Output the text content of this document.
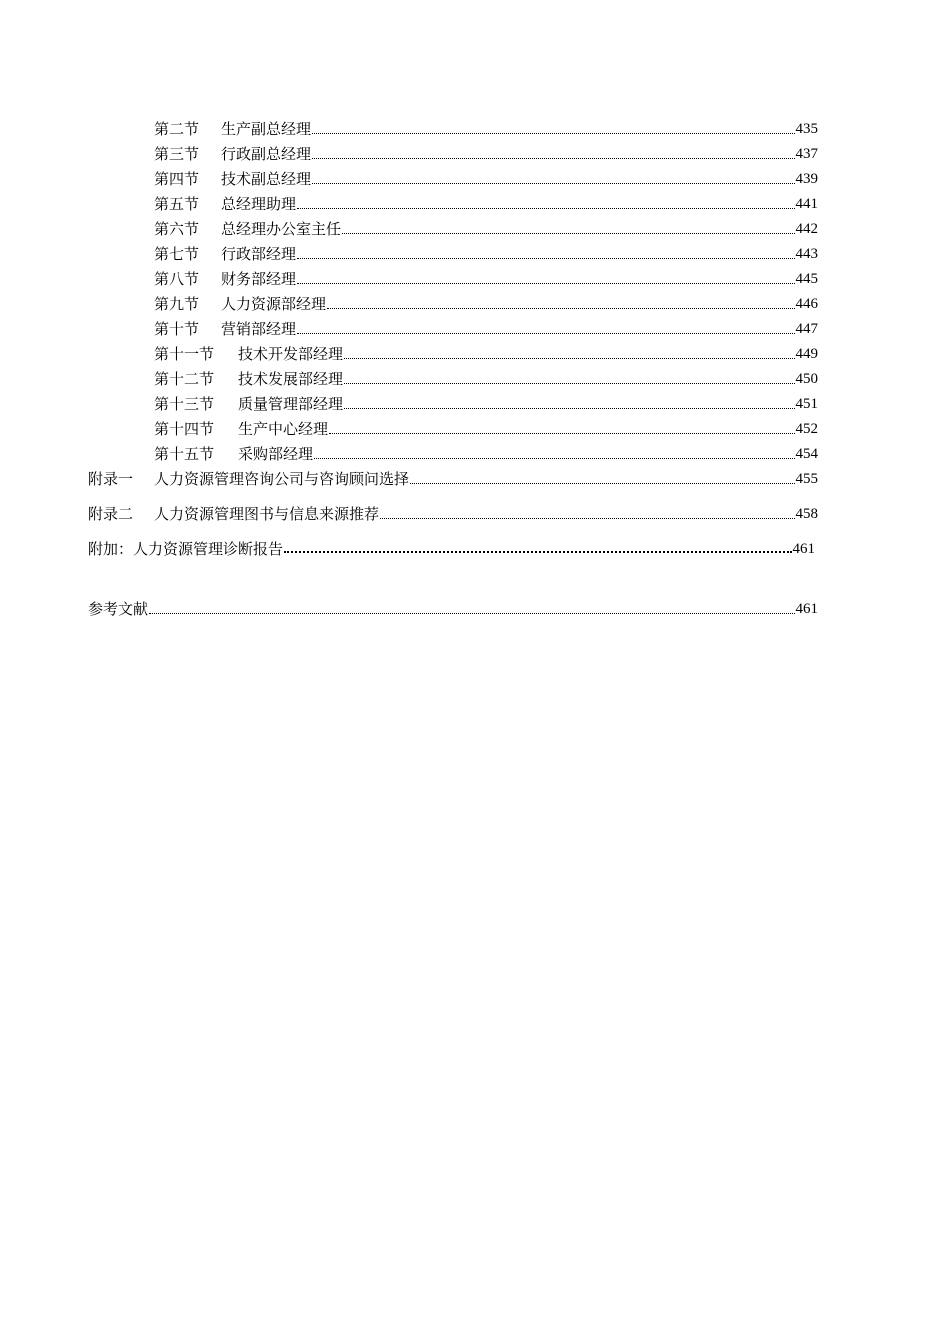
第二节	生产副总经理	435
第三节	行政副总经理	437
第四节	技术副总经理	439
第五节	总经理助理	441
第六节	总经理办公室主任	442
第七节	行政部经理	443
第八节	财务部经理	445
第九节	人力资源部经理	446
第十节	营销部经理	447
第十一节	技术开发部经理	449
第十二节	技术发展部经理	450
第十三节	质量管理部经理	451
第十四节	生产中心经理	452
第十五节	采购部经理	454
附录一	人力资源管理咨询公司与咨询顾问选择	455
附录二	人力资源管理图书与信息来源推荐	458
附加：人力资源管理诊断报告	461
参考文献	461
